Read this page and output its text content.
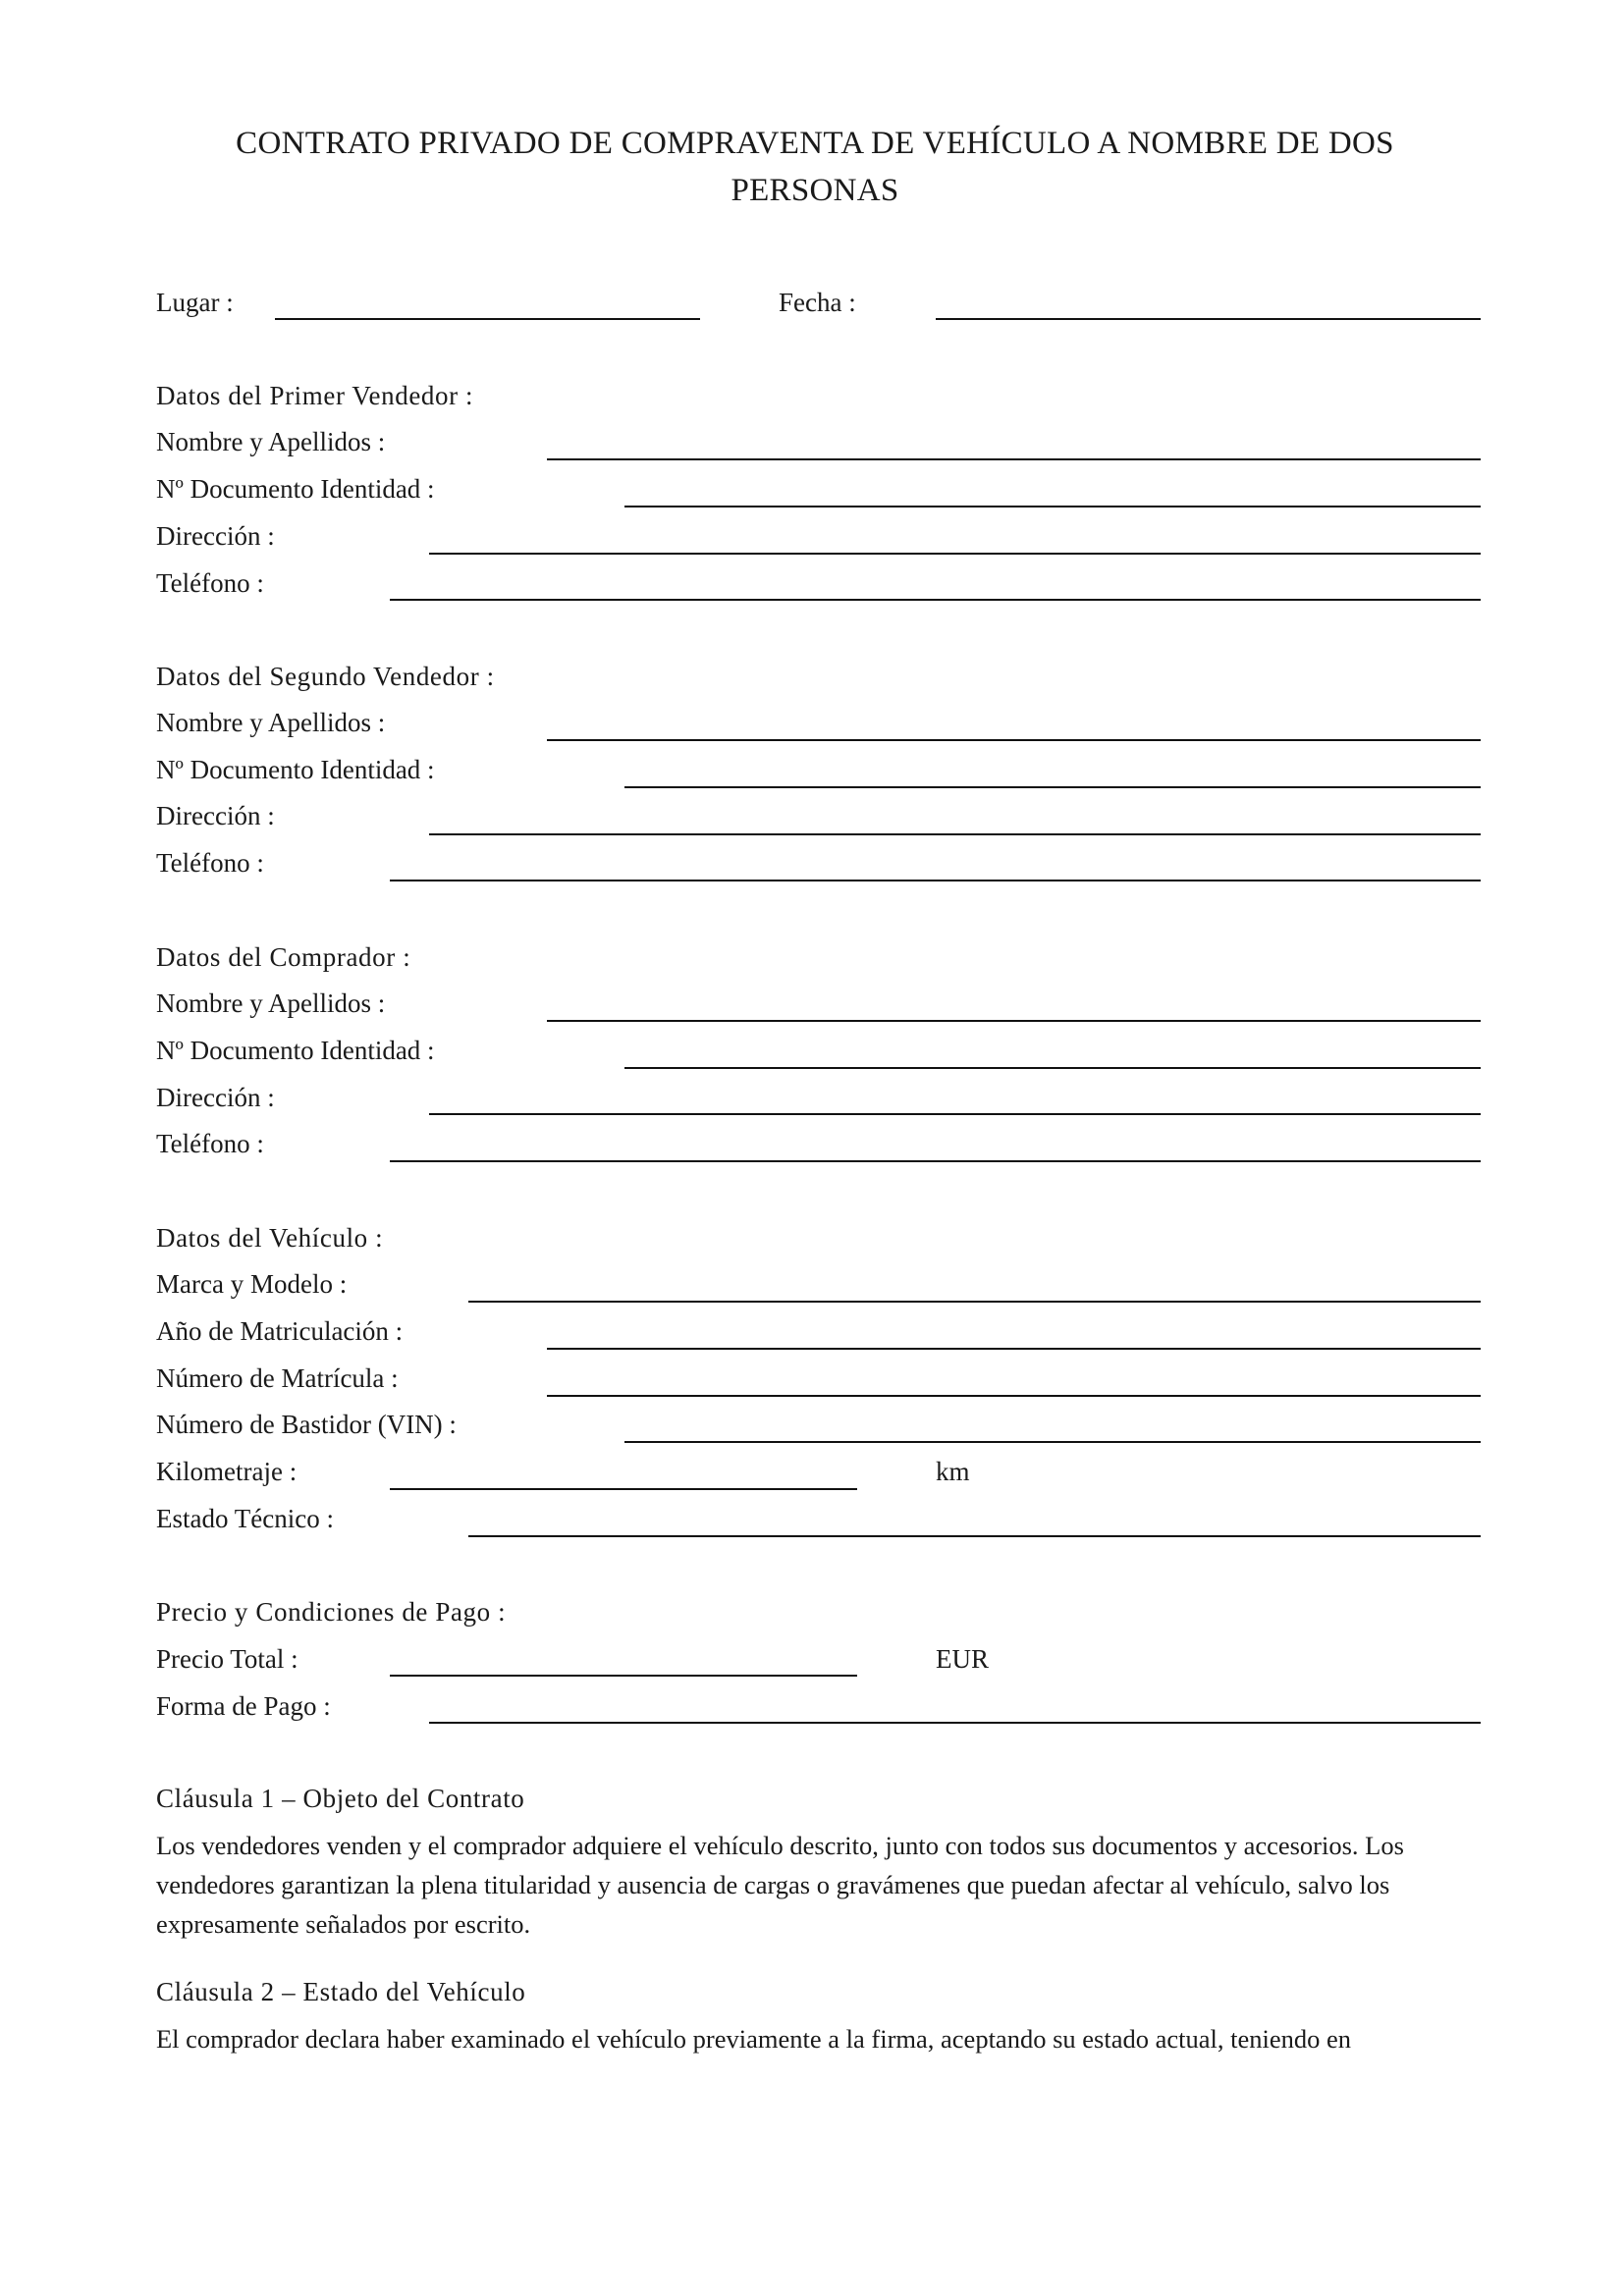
CONTRATO PRIVADO DE COMPRAVENTA DE VEHÍCULO A NOMBRE DE DOS
PERSONAS
Lugar :	Fecha :
Datos del Primer Vendedor :
Nombre y Apellidos :
Nº Documento Identidad :
Dirección :
Teléfono :
Datos del Segundo Vendedor :
Nombre y Apellidos :
Nº Documento Identidad :
Dirección :
Teléfono :
Datos del Comprador :
Nombre y Apellidos :
Nº Documento Identidad :
Dirección :
Teléfono :
Datos del Vehículo :
Marca y Modelo :
Año de Matriculación :
Número de Matrícula :
Número de Bastidor (VIN) :
Kilometraje :	km
Estado Técnico :
Precio y Condiciones de Pago :
Precio Total :	EUR
Forma de Pago :
Cláusula 1 – Objeto del Contrato
Los vendedores venden y el comprador adquiere el vehículo descrito, junto con todos sus documentos y accesorios. Los
vendedores garantizan la plena titularidad y ausencia de cargas o gravámenes que puedan afectar al vehículo, salvo los
expresamente señalados por escrito.
Cláusula 2 – Estado del Vehículo
El comprador declara haber examinado el vehículo previamente a la firma, aceptando su estado actual, teniendo en
